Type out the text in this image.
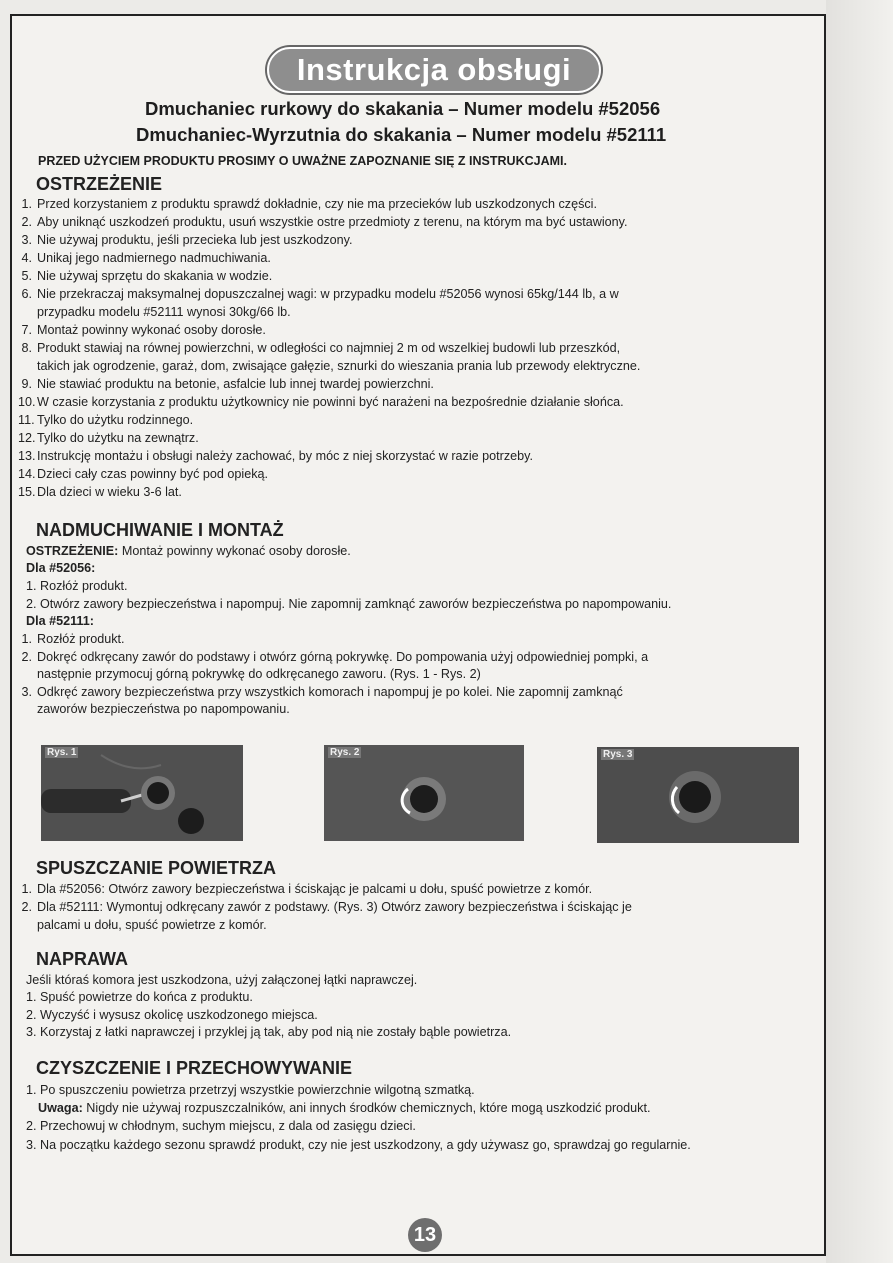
Instrukcja obsługi
Dmuchaniec rurkowy do skakania – Numer modelu #52056
Dmuchaniec-Wyrzutnia do skakania – Numer modelu #52111
PRZED UŻYCIEM PRODUKTU PROSIMY O UWAŻNE ZAPOZNANIE SIĘ Z INSTRUKCJAMI.
OSTRZEŻENIE
1. Przed korzystaniem z produktu sprawdź dokładnie, czy nie ma przecieków lub uszkodzonych części.
2. Aby uniknąć uszkodzeń produktu, usuń wszystkie ostre przedmioty z terenu, na którym ma być ustawiony.
3. Nie używaj produktu, jeśli przecieka lub jest uszkodzony.
4. Unikaj jego nadmiernego nadmuchiwania.
5. Nie używaj sprzętu do skakania w wodzie.
6. Nie przekraczaj maksymalnej dopuszczalnej wagi: w przypadku modelu #52056 wynosi 65kg/144 lb, a w
przypadku modelu #52111 wynosi 30kg/66 lb.
7. Montaż powinny wykonać osoby dorosłe.
8. Produkt stawiaj na równej powierzchni, w odległości co najmniej 2 m od wszelkiej budowli lub przeszkód,
takich jak ogrodzenie, garaż, dom, zwisające gałęzie, sznurki do wieszania prania lub przewody elektryczne.
9. Nie stawiać produktu na betonie, asfalcie lub innej twardej powierzchni.
10.W czasie korzystania z produktu użytkownicy nie powinni być narażeni na bezpośrednie działanie słońca.
11. Tylko do użytku rodzinnego.
12.Tylko do użytku na zewnątrz.
13.Instrukcję montażu i obsługi należy zachować, by móc z niej skorzystać w razie potrzeby.
14.Dzieci cały czas powinny być pod opieką.
15.Dla dzieci w wieku 3-6 lat.
NADMUCHIWANIE I MONTAŻ
OSTRZEŻENIE: Montaż powinny wykonać osoby dorosłe.
Dla #52056:
1. Rozłóż produkt.
2. Otwórz zawory bezpieczeństwa i napompuj. Nie zapomnij zamknąć zaworów bezpieczeństwa po napompowaniu.
Dla #52111:
1. Rozłóż produkt.
2. Dokręć odkręcany zawór do podstawy i otwórz górną pokrywkę. Do pompowania użyj odpowiedniej pompki, a
następnie przymocuj górną pokrywkę do odkręcanego zaworu. (Rys. 1 - Rys. 2)
3. Odkręć zawory bezpieczeństwa przy wszystkich komorach i napompuj je po kolei. Nie zapomnij zamknąć
zaworów bezpieczeństwa po napompowaniu.
Rys. 1	Rys. 2	Rys. 3
SPUSZCZANIE POWIETRZA
1. Dla #52056: Otwórz zawory bezpieczeństwa i ściskając je palcami u dołu, spuść powietrze z komór.
2. Dla #52111: Wymontuj odkręcany zawór z podstawy. (Rys. 3) Otwórz zawory bezpieczeństwa i ściskając je
palcami u dołu, spuść powietrze z komór.
NAPRAWA
Jeśli któraś komora jest uszkodzona, użyj załączonej łątki naprawczej.
1. Spuść powietrze do końca z produktu.
2. Wyczyść i wysusz okolicę uszkodzonego miejsca.
3. Korzystaj z łatki naprawczej i przyklej ją tak, aby pod nią nie zostały bąble powietrza.
CZYSZCZENIE I PRZECHOWYWANIE
1. Po spuszczeniu powietrza przetrzyj wszystkie powierzchnie wilgotną szmatką.
Uwaga: Nigdy nie używaj rozpuszczalników, ani innych środków chemicznych, które mogą uszkodzić produkt.
2. Przechowuj w chłodnym, suchym miejscu, z dala od zasięgu dzieci.
3. Na początku każdego sezonu sprawdź produkt, czy nie jest uszkodzony, a gdy używasz go, sprawdzaj go regularnie.
13
